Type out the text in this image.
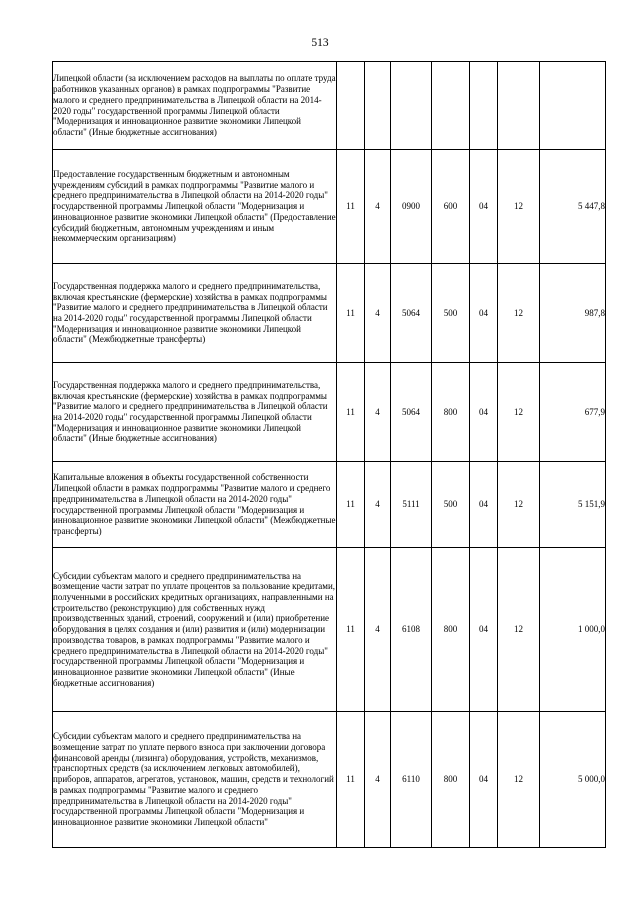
513
Липецкой области (за исключением расходов на выплаты по оплате труда работников указанных органов) в рамках подпрограммы "Развитие малого и среднего предпринимательства в Липецкой области на 2014-2020 годы" государственной программы Липецкой области "Модернизация и инновационное развитие экономики Липецкой области" (Иные бюджетные ассигнования)							
Предоставление государственным бюджетным и автономным учреждениям субсидий в рамках подпрограммы "Развитие малого и среднего предпринимательства в Липецкой области на 2014-2020 годы" государственной программы Липецкой области "Модернизация и инновационное развитие экономики Липецкой области" (Предоставление субсидий бюджетным, автономным учреждениям и иным некоммерческим организациям)	11	4	0900	600	04	12	5 447,8
Государственная поддержка малого и среднего предпринимательства, включая крестьянские (фермерские) хозяйства в рамках подпрограммы "Развитие малого и среднего предпринимательства в Липецкой области на 2014-2020 годы" государственной программы Липецкой области "Модернизация и инновационное развитие экономики Липецкой области" (Межбюджетные трансферты)	11	4	5064	500	04	12	987,8
Государственная поддержка малого и среднего предпринимательства, включая крестьянские (фермерские) хозяйства в рамках подпрограммы "Развитие малого и среднего предпринимательства в Липецкой области на 2014-2020 годы" государственной программы Липецкой области "Модернизация и инновационное развитие экономики Липецкой области" (Иные бюджетные ассигнования)	11	4	5064	800	04	12	677,9
Капитальные вложения в объекты государственной собственности Липецкой области в рамках подпрограммы "Развитие малого и среднего предпринимательства в Липецкой области на 2014-2020 годы" государственной программы Липецкой области "Модернизация и инновационное развитие экономики Липецкой области" (Межбюджетные трансферты)	11	4	5111	500	04	12	5 151,9
Субсидии субъектам малого и среднего предпринимательства на возмещение части затрат по уплате процентов за пользование кредитами, полученными в российских кредитных организациях, направленными на строительство (реконструкцию) для собственных нужд производственных зданий, строений, сооружений и (или) приобретение оборудования в целях создания и (или) развития и (или) модернизации производства товаров, в рамках подпрограммы "Развитие малого и среднего предпринимательства в Липецкой области на 2014-2020 годы" государственной программы Липецкой области "Модернизация и инновационное развитие экономики Липецкой области" (Иные бюджетные ассигнования)	11	4	6108	800	04	12	1 000,0
Субсидии субъектам малого и среднего предпринимательства на возмещение затрат по уплате первого взноса при заключении договора финансовой аренды (лизинга) оборудования, устройств, механизмов, транспортных средств (за исключением легковых автомобилей), приборов, аппаратов, агрегатов, установок, машин, средств и технологий в рамках подпрограммы "Развитие малого и среднего предпринимательства в Липецкой области на 2014-2020 годы" государственной программы Липецкой области "Модернизация и инновационное развитие экономики Липецкой области"	11	4	6110	800	04	12	5 000,0
